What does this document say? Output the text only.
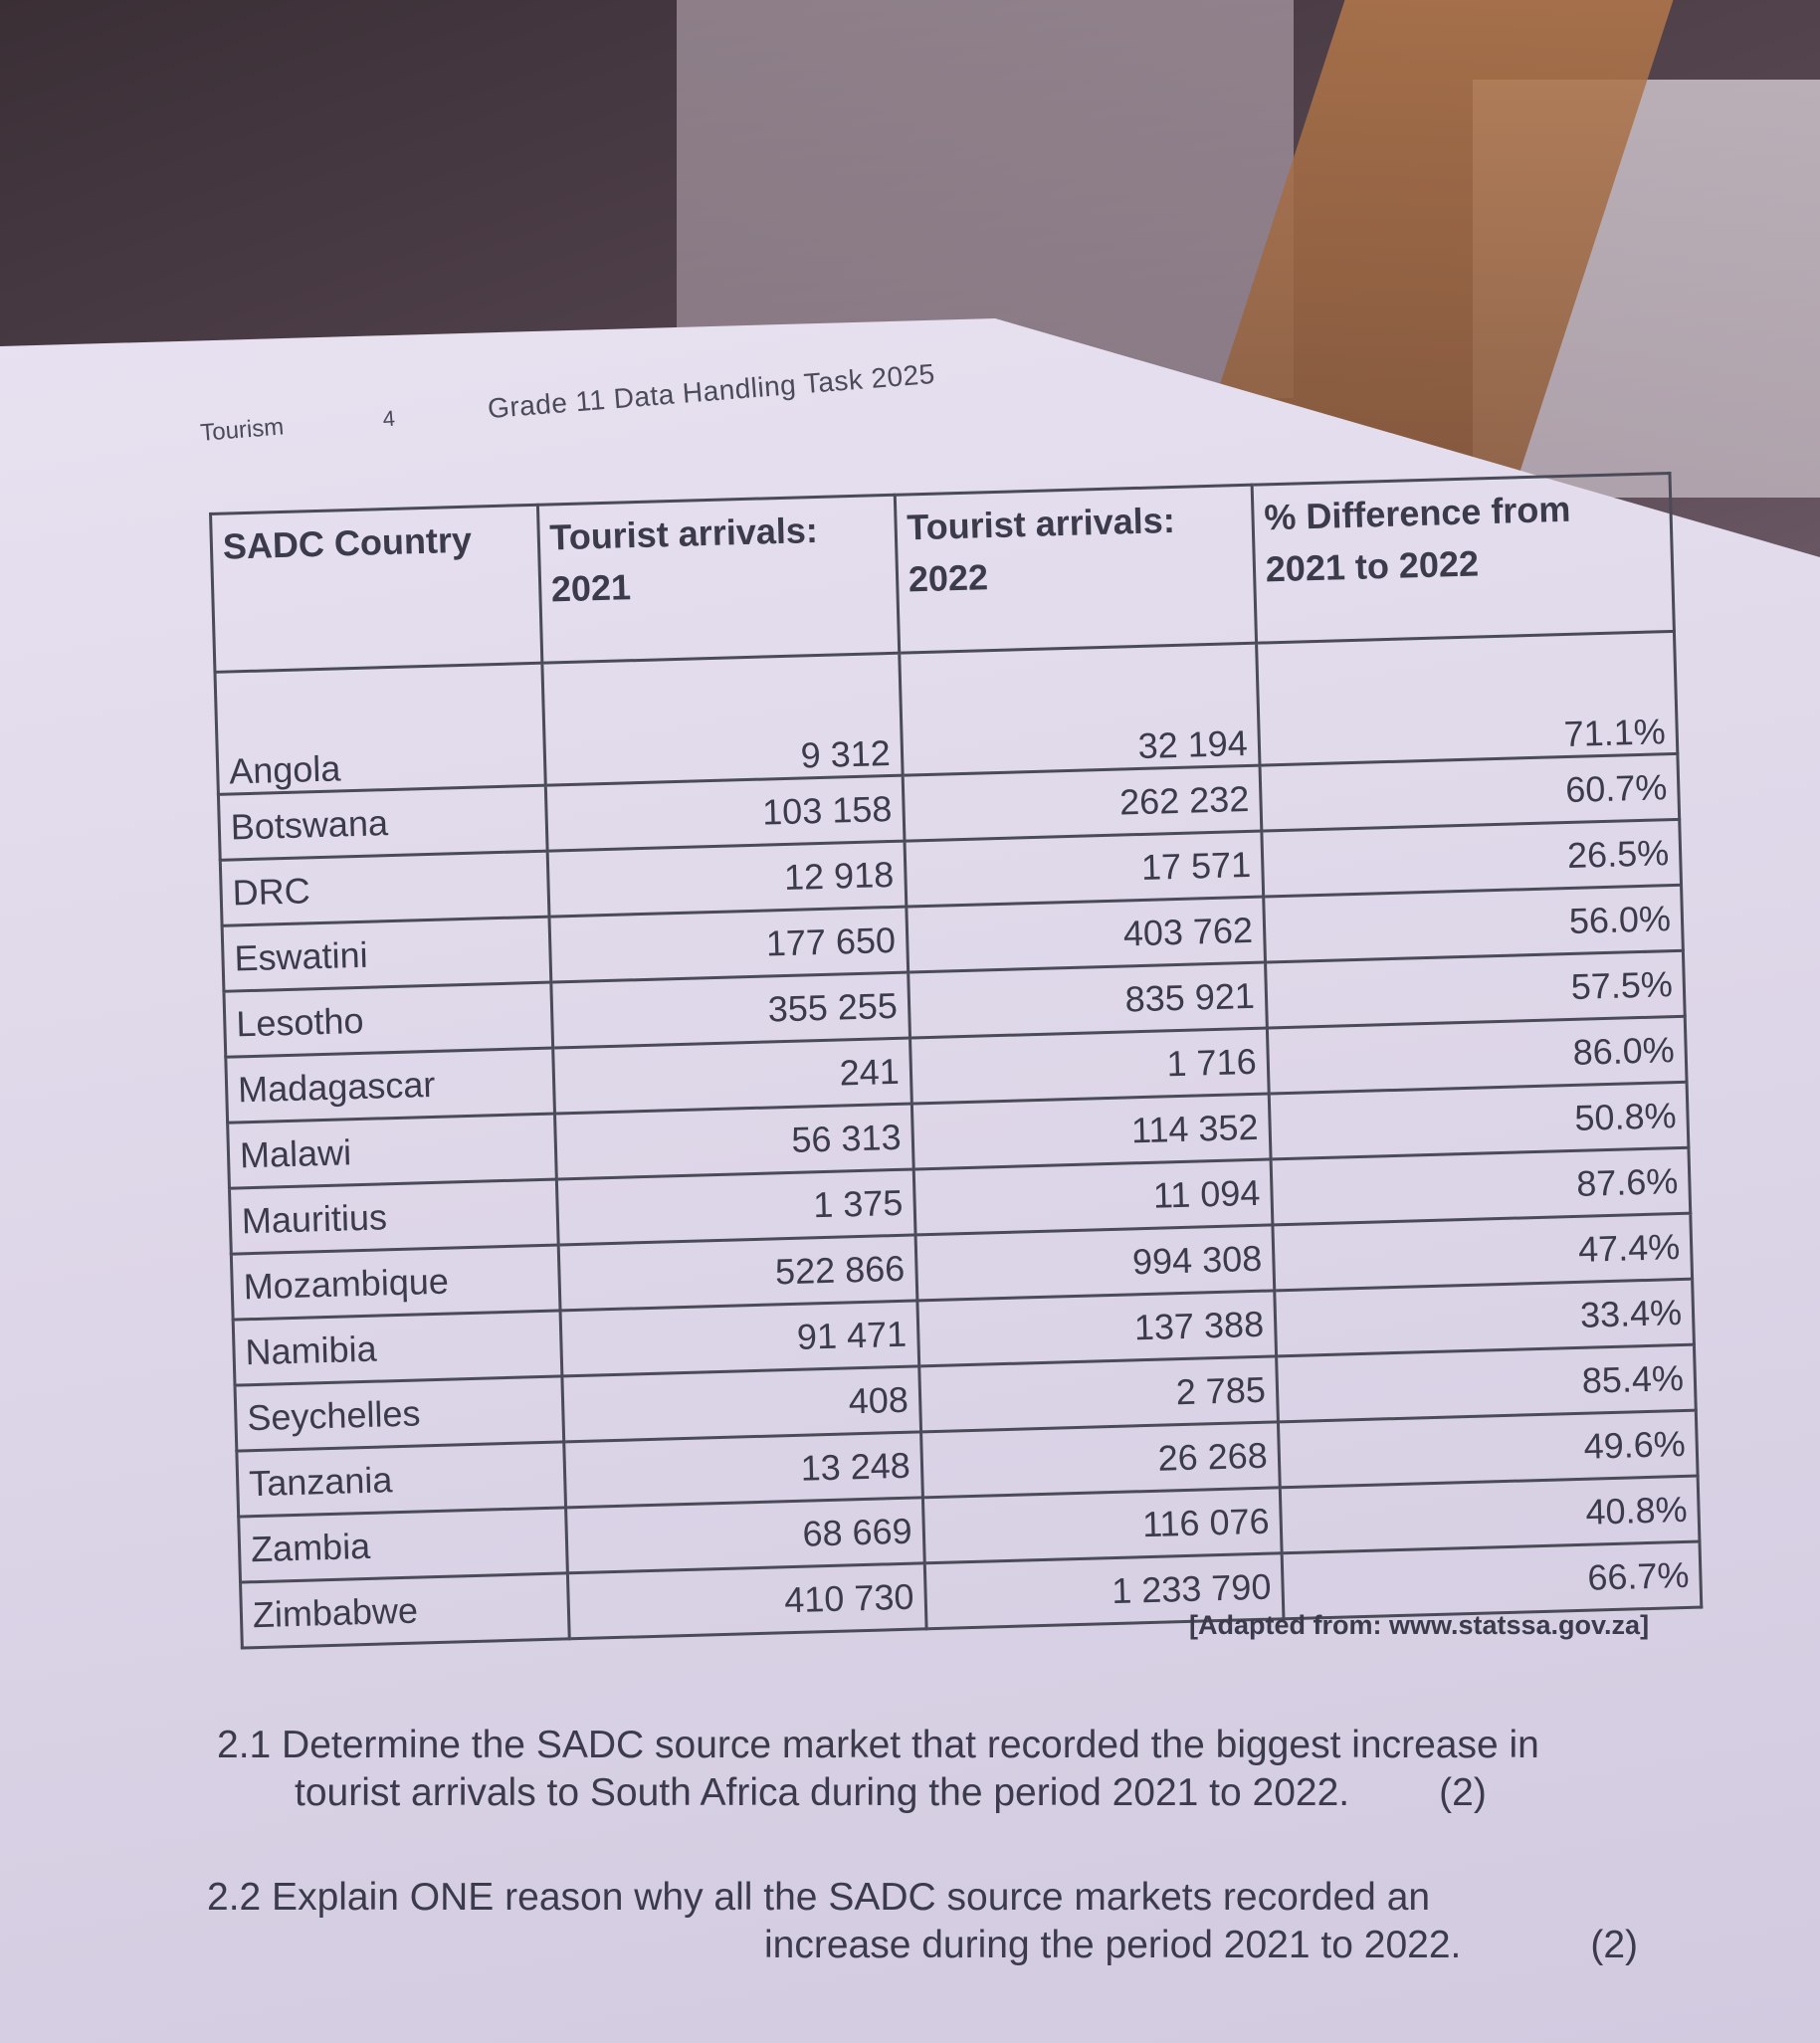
Tourism	4	Grade 11 Data Handling Task 2025
SADC Country	Tourist arrivals: 2021	Tourist arrivals: 2022	% Difference from 2021 to 2022
Angola	9 312	32 194	71.1%
Botswana	103 158	262 232	60.7%
DRC	12 918	17 571	26.5%
Eswatini	177 650	403 762	56.0%
Lesotho	355 255	835 921	57.5%
Madagascar	241	1 716	86.0%
Malawi	56 313	114 352	50.8%
Mauritius	1 375	11 094	87.6%
Mozambique	522 866	994 308	47.4%
Namibia	91 471	137 388	33.4%
Seychelles	408	2 785	85.4%
Tanzania	13 248	26 268	49.6%
Zambia	68 669	116 076	40.8%
Zimbabwe	410 730	1 233 790	66.7%
[Adapted from: www.statssa.gov.za]
2.1 Determine the SADC source market that recorded the biggest increase in
tourist arrivals to South Africa during the period 2021 to 2022. (2)
2.2 Explain ONE reason why all the SADC source markets recorded an
increase during the period 2021 to 2022.	(2)
